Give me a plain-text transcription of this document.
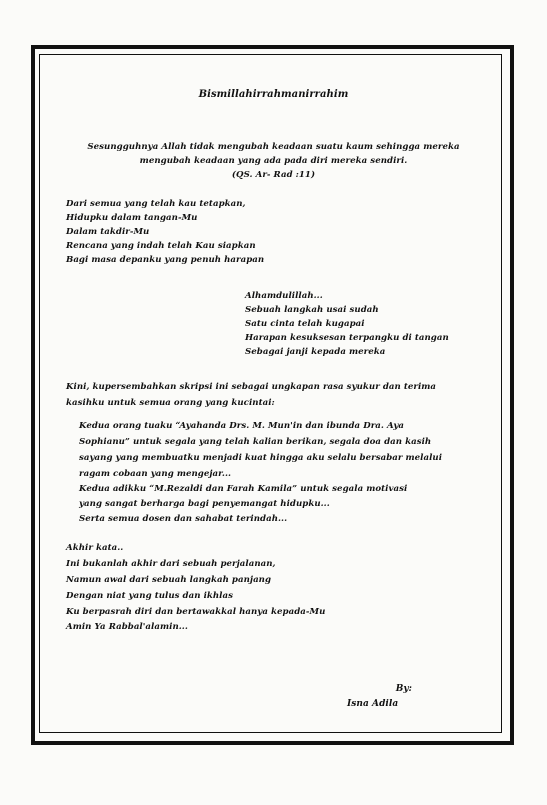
Bismillahirrahmanirrahim
Sesungguhnya Allah tidak mengubah keadaan suatu kaum sehingga mereka
mengubah keadaan yang ada pada diri mereka sendiri.
(QS. Ar- Rad :11)
Dari semua yang telah kau tetapkan,
Hidupku dalam tangan-Mu
Dalam takdir-Mu
Rencana yang indah telah Kau siapkan
Bagi masa depanku yang penuh harapan
Alhamdulillah...
Sebuah langkah usai sudah
Satu cinta telah kugapai
Harapan kesuksesan terpangku di tangan
Sebagai janji kepada mereka
Kini, kupersembahkan skripsi ini sebagai ungkapan rasa syukur dan terima
kasihku untuk semua orang yang kucintai:
Kedua orang tuaku “Ayahanda Drs. M. Mun'in dan ibunda Dra. Aya
Sophianu” untuk segala yang telah kalian berikan, segala doa dan kasih
sayang yang membuatku menjadi kuat hingga aku selalu bersabar melalui
ragam cobaan yang mengejar...
Kedua adikku “M.Rezaldi dan Farah Kamila” untuk segala motivasi
yang sangat berharga bagi penyemangat hidupku...
Serta semua dosen dan sahabat terindah...
Akhir kata..
Ini bukanlah akhir dari sebuah perjalanan,
Namun awal dari sebuah langkah panjang
Dengan niat yang tulus dan ikhlas
Ku berpasrah diri dan bertawakkal hanya kepada-Mu
Amin Ya Rabbal'alamin...
By:
Isna Adila
